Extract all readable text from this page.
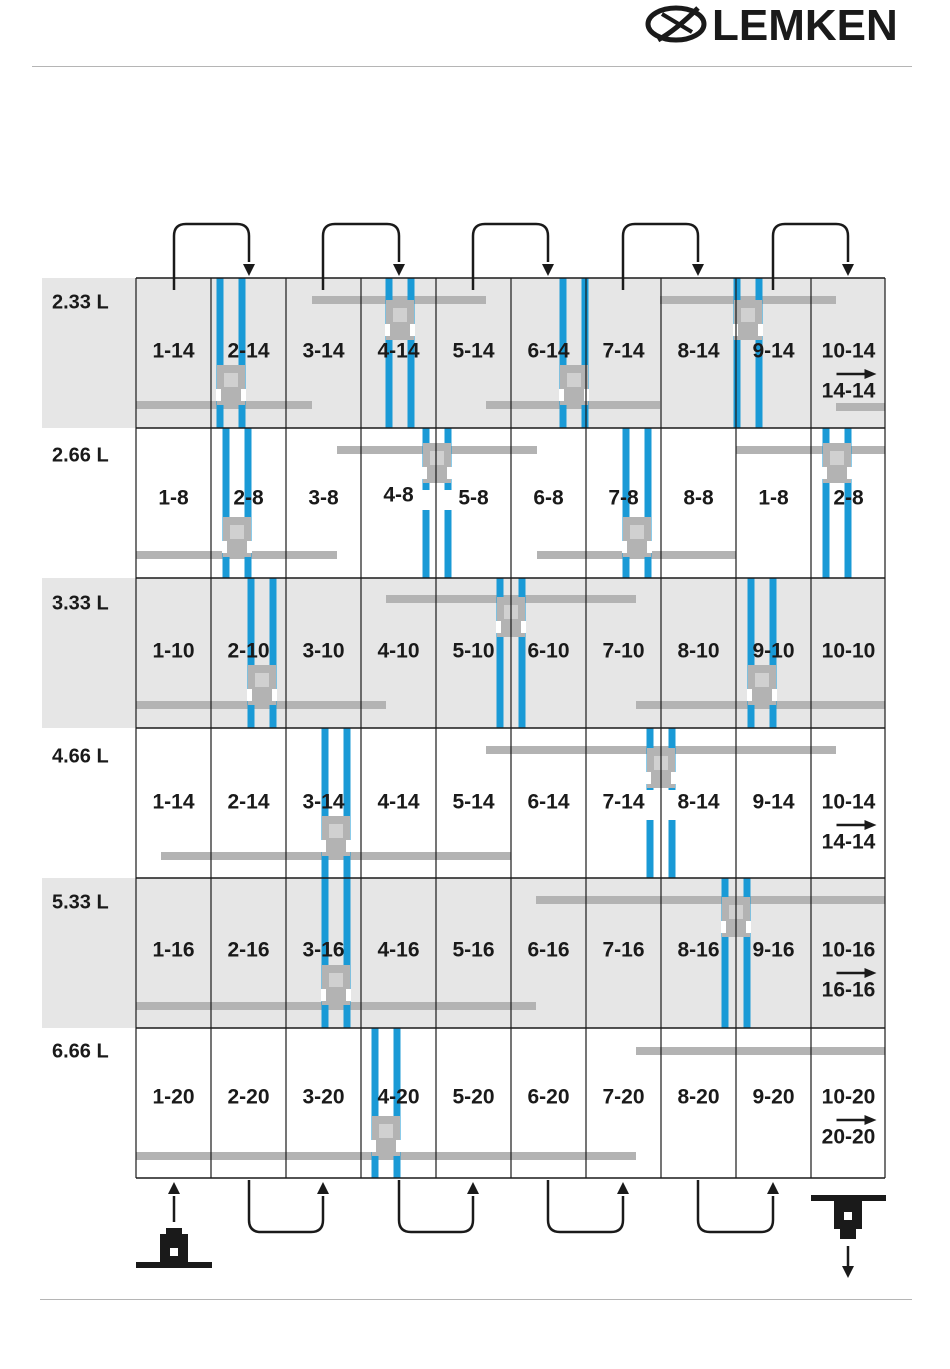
LEMKEN
1-14 2-14 3-14 4-14 5-14 6-14 7-14 8-14 9-14 10-14
14-14
1-8 2-8 3-8 4-8 5-8 6-8 7-8 8-8 1-8 2-8
1-10 2-10 3-10 4-10 5-10 6-10 7-10 8-10 9-10 10-10
1-14 2-14 3-14 4-14 5-14 6-14 7-14 8-14 9-14 10-14
14-14
1-16 2-16 3-16 4-16 5-16 6-16 7-16 8-16 9-16 10-16
16-16
1-20 2-20 3-20 4-20 5-20 6-20 7-20 8-20 9-20 10-20
20-20
2.33 L
2.66 L
3.33 L
4.66 L
5.33 L
6.66 L
